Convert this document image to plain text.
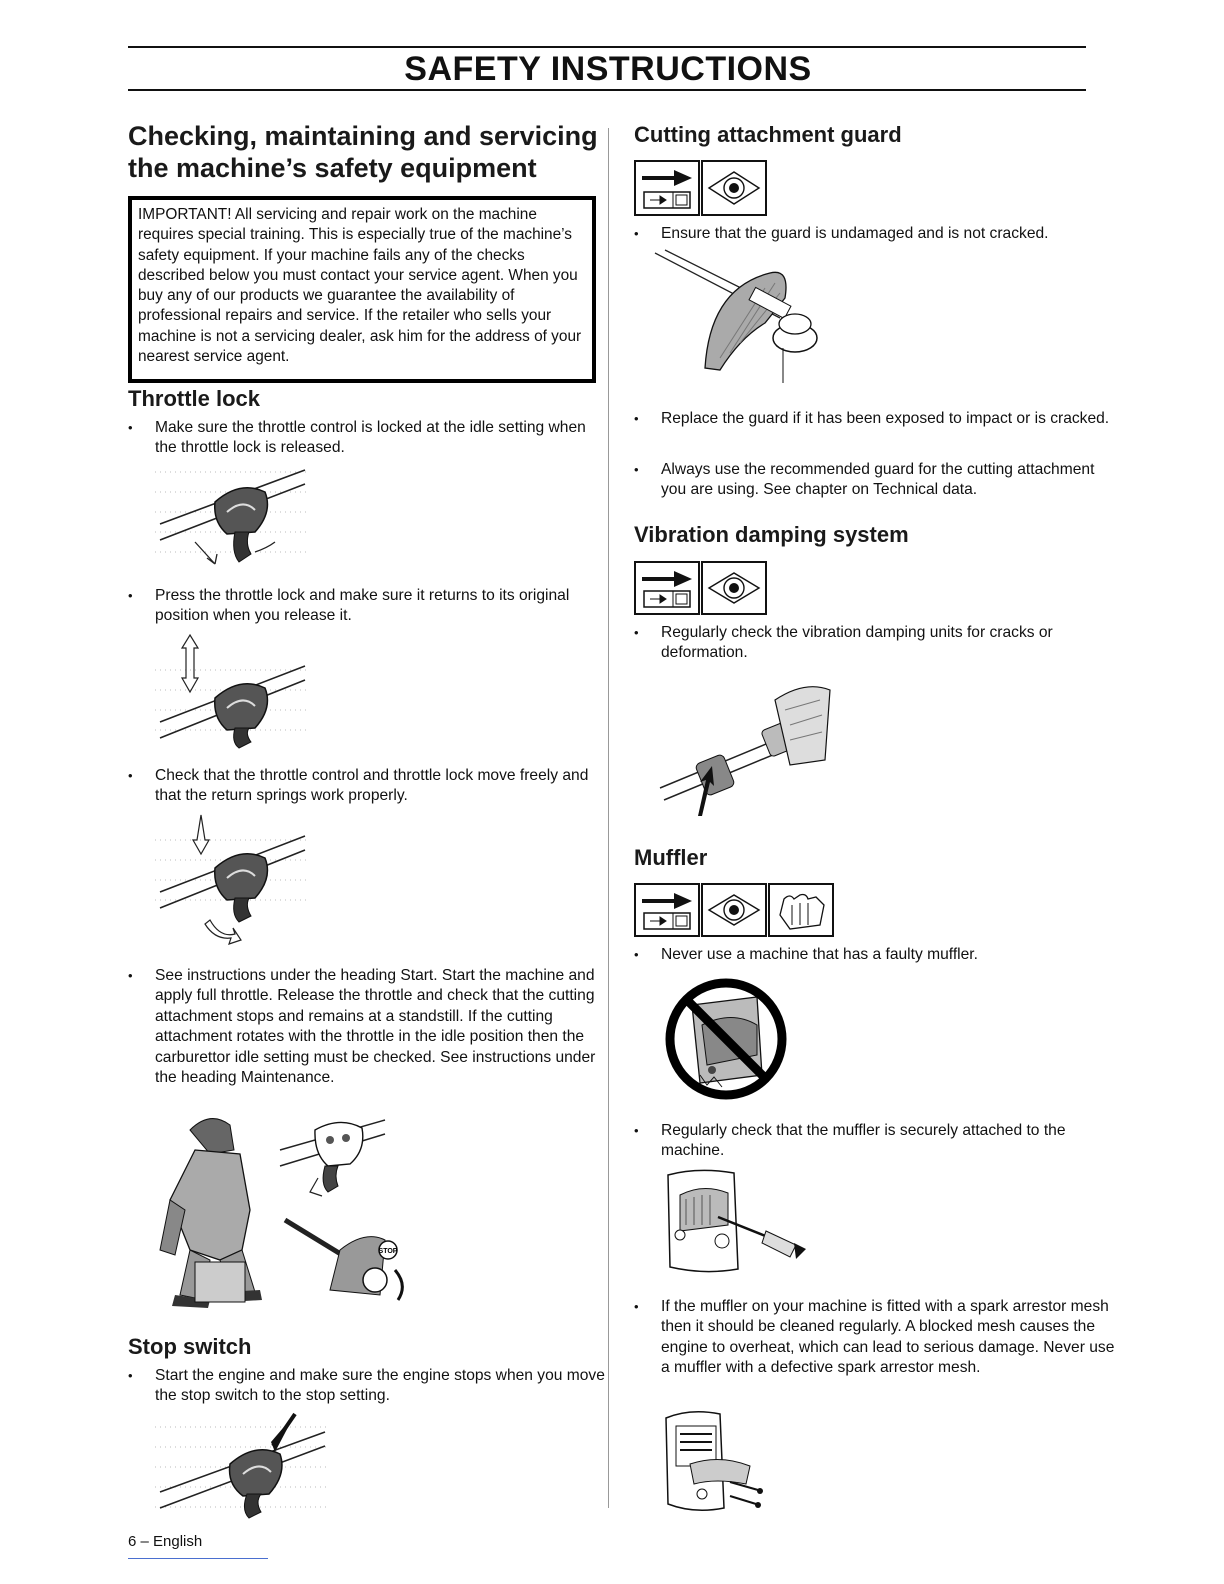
SAFETY INSTRUCTIONS
Checking, maintaining and servicing the machine’s safety equipment
IMPORTANT! All servicing and repair work on the machine requires special training. This is especially true of the machine’s safety equipment. If your machine fails any of the checks described below you must contact your service agent. When you buy any of our products we guarantee the availability of professional repairs and service. If the retailer who sells your machine is not a servicing dealer, ask him for the address of your nearest service agent.
Throttle lock
• Make sure the throttle control is locked at the idle setting when the throttle lock is released.
• Press the throttle lock and make sure it returns to its original position when you release it.
• Check that the throttle control and throttle lock move freely and that the return springs work properly.
• See instructions under the heading Start. Start the machine and apply full throttle. Release the throttle and check that the cutting attachment stops and remains at a standstill. If the cutting attachment rotates with the throttle in the idle position then the carburettor idle setting must be checked. See instructions under the heading Maintenance.
STOP
Stop switch
• Start the engine and make sure the engine stops when you move the stop switch to the stop setting.
6 – English
Cutting attachment guard
• Ensure that the guard is undamaged and is not cracked.
• Replace the guard if it has been exposed to impact or is cracked.
• Always use the recommended guard for the cutting attachment you are using. See chapter on Technical data.
Vibration damping system
• Regularly check the vibration damping units for cracks or deformation.
Muffler
• Never use a machine that has a faulty muffler.
• Regularly check that the muffler is securely attached to the machine.
• If the muffler on your machine is fitted with a spark arrestor mesh then it should be cleaned regularly. A blocked mesh causes the engine to overheat, which can lead to serious damage. Never use a muffler with a defective spark arrestor mesh.
